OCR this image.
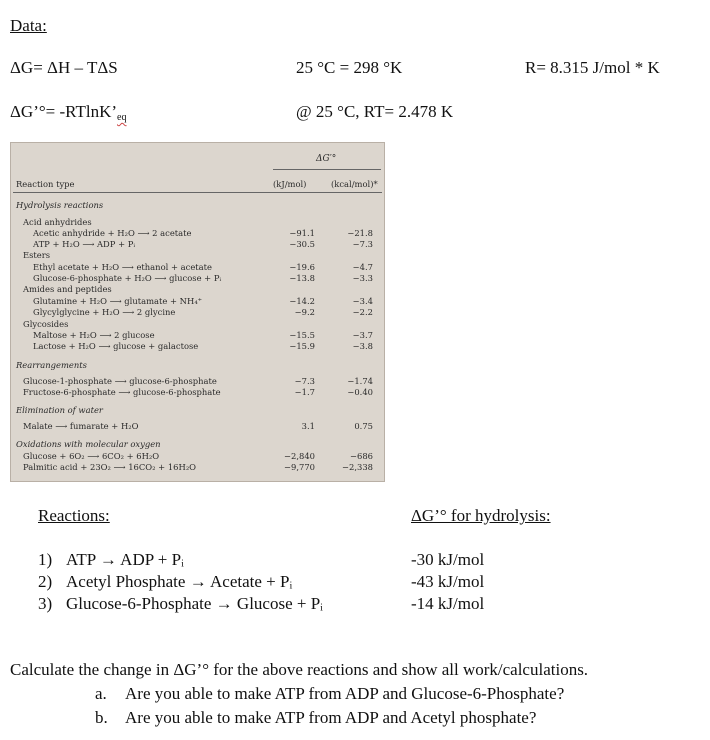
Data:
ΔG= ΔH – TΔS	25 °C = 298 °K	R= 8.315 J/mol * K
ΔG’°= -RTlnK’eq	@ 25 °C, RT= 2.478 K
ΔG′°
Reaction type	(kJ/mol)	(kcal/mol)*
Hydrolysis reactions
Acid anhydrides
Acetic anhydride + H₂O ⟶ 2 acetate	−91.1	−21.8
ATP + H₂O ⟶ ADP + Pᵢ	−30.5	−7.3
Esters
Ethyl acetate + H₂O ⟶ ethanol + acetate	−19.6	−4.7
Glucose-6-phosphate + H₂O ⟶ glucose + Pᵢ	−13.8	−3.3
Amides and peptides
Glutamine + H₂O ⟶ glutamate + NH₄⁺	−14.2	−3.4
Glycylglycine + H₂O ⟶ 2 glycine	−9.2	−2.2
Glycosides
Maltose + H₂O ⟶ 2 glucose	−15.5	−3.7
Lactose + H₂O ⟶ glucose + galactose	−15.9	−3.8
Rearrangements
Glucose-1-phosphate ⟶ glucose-6-phosphate	−7.3	−1.74
Fructose-6-phosphate ⟶ glucose-6-phosphate	−1.7	−0.40
Elimination of water
Malate ⟶ fumarate + H₂O	3.1	0.75
Oxidations with molecular oxygen
Glucose + 6O₂ ⟶ 6CO₂ + 6H₂O	−2,840	−686
Palmitic acid + 23O₂ ⟶ 16CO₂ + 16H₂O	−9,770	−2,338
Reactions:	ΔG’° for hydrolysis:
1) ATP → ADP + Pᵢ	-30 kJ/mol
2) Acetyl Phosphate → Acetate + Pᵢ	-43 kJ/mol
3) Glucose-6-Phosphate → Glucose + Pᵢ	-14 kJ/mol
Calculate the change in ΔG’° for the above reactions and show all work/calculations.
a. Are you able to make ATP from ADP and Glucose-6-Phosphate?
b. Are you able to make ATP from ADP and Acetyl phosphate?
